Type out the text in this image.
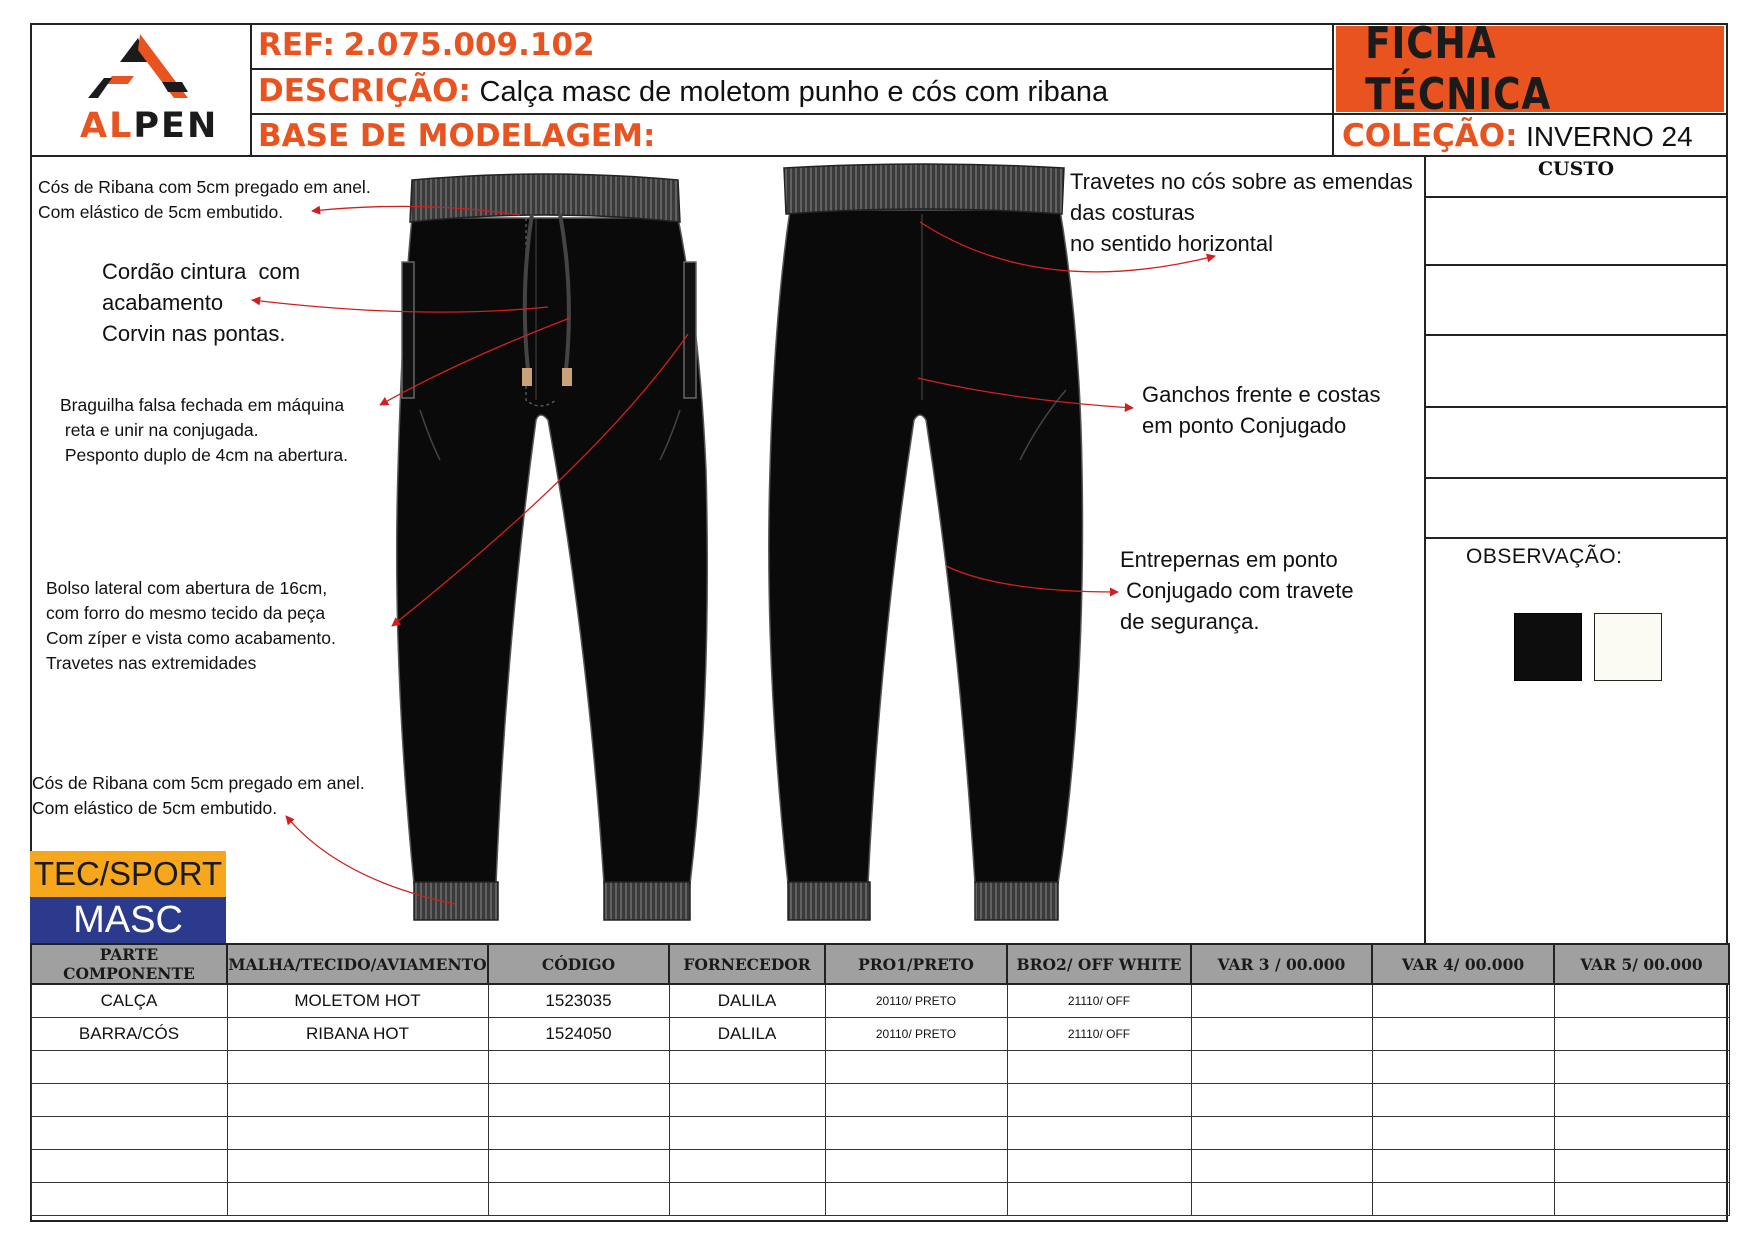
ALPEN
REF: 2.075.009.102
DESCRIÇÃO: Calça masc de moletom punho e cós com ribana
BASE DE MODELAGEM:
FICHA TÉCNICA
COLEÇÃO: INVERNO 24
Cós de Ribana com 5cm pregado em anel.
Com elástico de 5cm embutido.
Cordão cintura  com
acabamento
Corvin nas pontas.
Braguilha falsa fechada em máquina
reta e unir na conjugada.
Pesponto duplo de 4cm na abertura.
Bolso lateral com abertura de 16cm,
com forro do mesmo tecido da peça
Com zíper e vista como acabamento.
Travetes nas extremidades
Cós de Ribana com 5cm pregado em anel.
Com elástico de 5cm embutido.
Travetes no cós sobre as emendas
das costuras
no sentido horizontal
Ganchos frente e costas
em ponto Conjugado
Entrepernas em ponto
Conjugado com travete
de segurança.
CUSTO
OBSERVAÇÃO:
TEC/SPORT
MASC
PARTE COMPONENTE	MALHA/TECIDO/AVIAMENTO	CÓDIGO	FORNECEDOR	PRO1/PRETO	BRO2/ OFF WHITE	VAR 3 / 00.000	VAR 4/ 00.000	VAR 5/ 00.000
CALÇA	MOLETOM HOT	1523035	DALILA	20110/ PRETO	21110/ OFF			
BARRA/CÓS	RIBANA HOT	1524050	DALILA	20110/ PRETO	21110/ OFF			
